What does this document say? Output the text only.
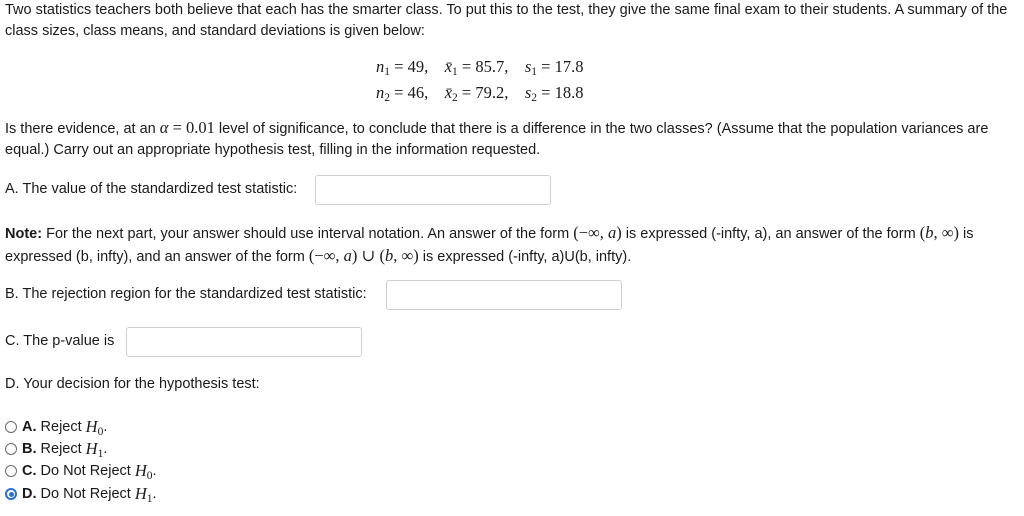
Two statistics teachers both believe that each has the smarter class. To put this to the test, they give the same final exam to their students. A summary of the class sizes, class means, and standard deviations is given below:
$n_1 = 49$,    $x̄_1 = 85.7$,    $s_1 = 17.8$
$n_2 = 46$,    $x̄_2 = 79.2$,    $s_2 = 18.8$
Is there evidence, at an α = 0.01 level of significance, to conclude that there is a difference in the two classes? (Assume that the population variances are equal.) Carry out an appropriate hypothesis test, filling in the information requested.
A. The value of the standardized test statistic:
Note: For the next part, your answer should use interval notation. An answer of the form (−∞, a) is expressed (-infty, a), an answer of the form (b, ∞) is expressed (b, infty), and an answer of the form (−∞, a) ∪ (b, ∞) is expressed (-infty, a)U(b, infty).
B. The rejection region for the standardized test statistic:
C. The p-value is
D. Your decision for the hypothesis test:
A.
Reject
$H_0$ .
B.
Reject
$H_1$ .
C.
Do Not Reject
$H_0$ .
D.
Do Not Reject
$H_1$ .
